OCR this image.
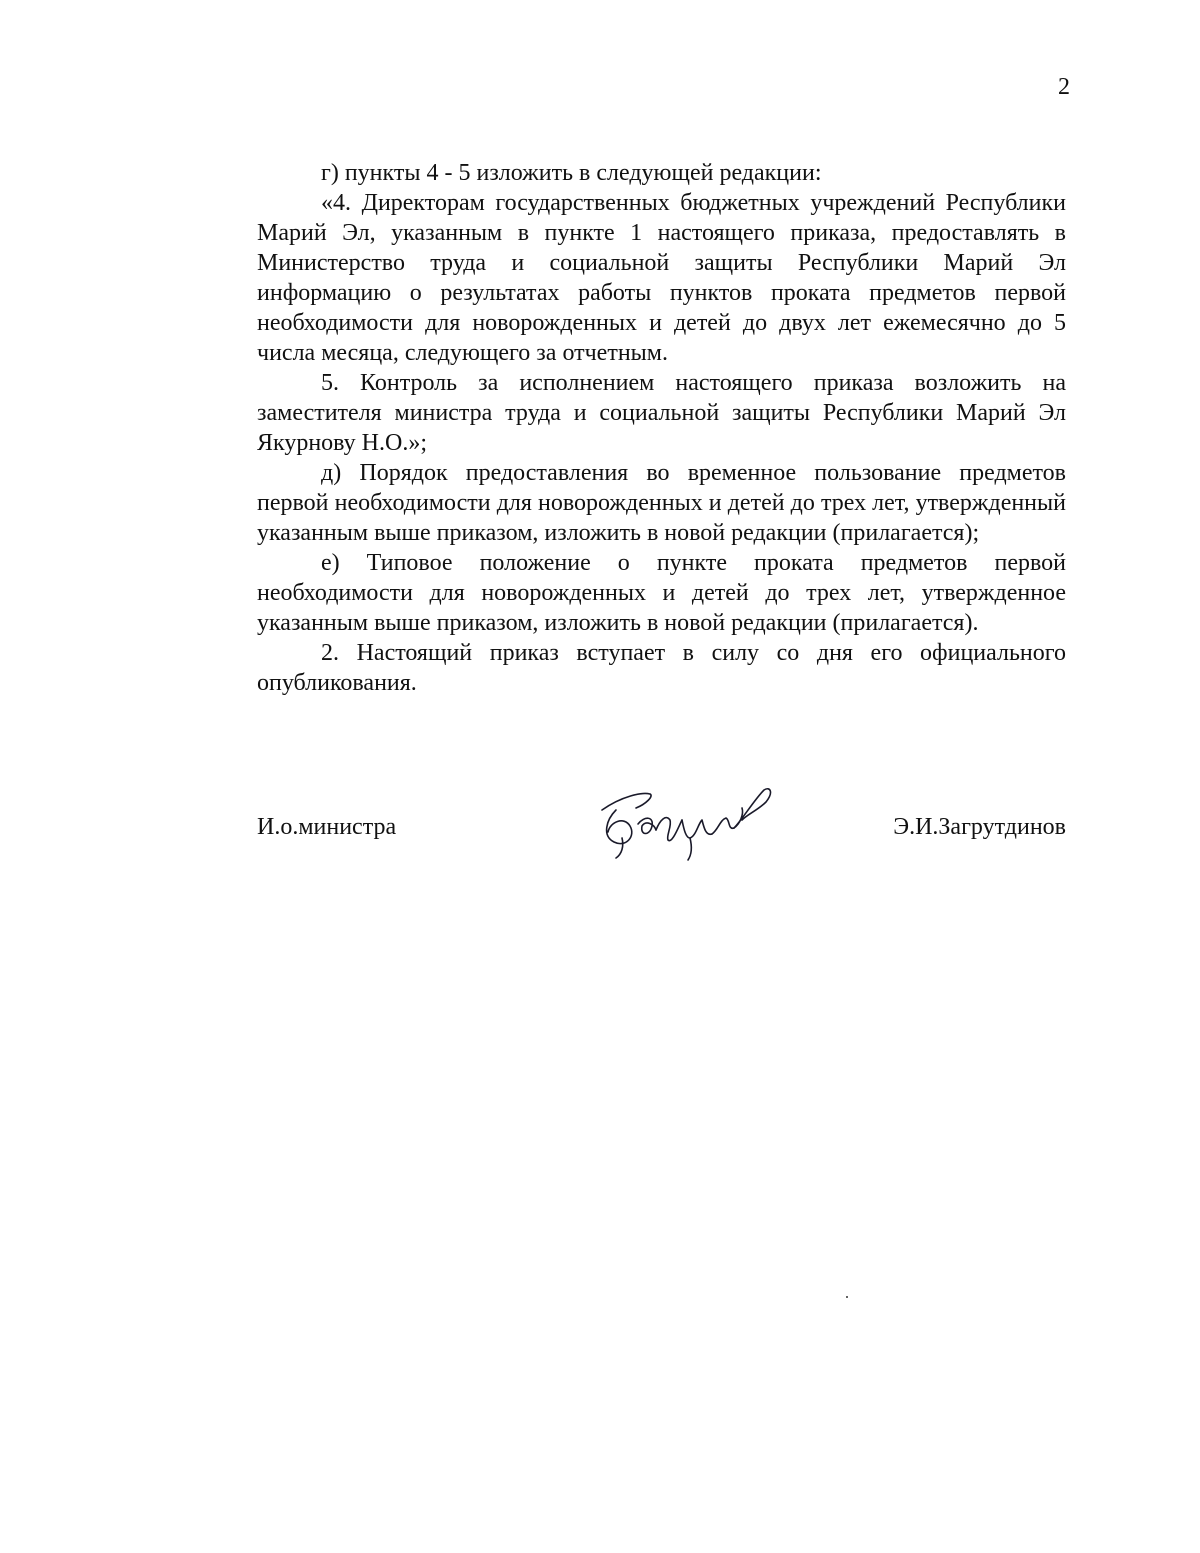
2

г) пункты 4 - 5 изложить в следующей редакции:

«4. Директорам государственных бюджетных учреждений Республики Марий Эл, указанным в пункте 1 настоящего приказа, предоставлять в Министерство труда и социальной защиты Республики Марий Эл информацию о результатах работы пунктов проката предметов первой необходимости для новорожденных и детей до двух лет ежемесячно до 5 числа месяца, следующего за отчетным.

5. Контроль за исполнением настоящего приказа возложить на заместителя министра труда и социальной защиты Республики Марий Эл Якурнову Н.О.»;

д) Порядок предоставления во временное пользование предметов первой необходимости для новорожденных и детей до трех лет, утвержденный указанным выше приказом, изложить в новой редакции (прилагается);

е) Типовое положение о пункте проката предметов первой необходимости для новорожденных и детей до трех лет, утвержденное указанным выше приказом, изложить в новой редакции (прилагается).

2. Настоящий приказ вступает в силу со дня его официального опубликования.

И.о.министра	Э.И.Загрутдинов
